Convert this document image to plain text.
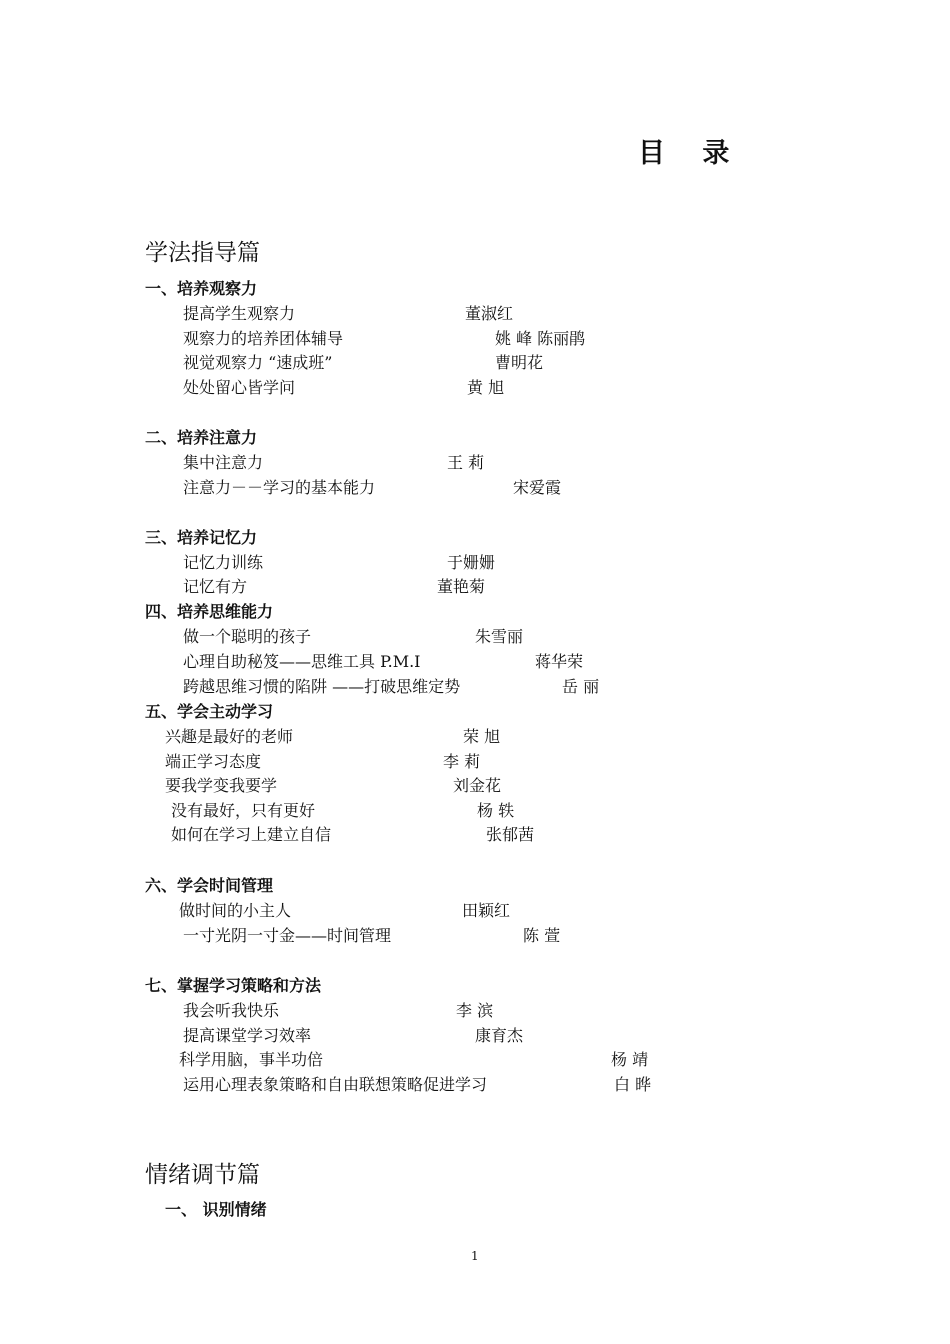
目 录
学法指导篇
一、培养观察力
提高学生观察力	董淑红
观察力的培养团体辅导	姚 峰 陈丽鹃
视觉观察力 “速成班”	曹明花
处处留心皆学问	黄 旭
二、培养注意力
集中注意力	王 莉
注意力－－学习的基本能力	宋爱霞
三、培养记忆力
记忆力训练	于姗姗
记忆有方	董艳菊
四、培养思维能力
做一个聪明的孩子	朱雪丽
心理自助秘笈——思维工具 P.M.I	蒋华荣
跨越思维习惯的陷阱 ——打破思维定势	岳 丽
五、学会主动学习
兴趣是最好的老师	荣 旭
端正学习态度	李 莉
要我学变我要学	刘金花
没有最好，只有更好	杨 轶
如何在学习上建立自信	张郁茜
六、学会时间管理
做时间的小主人	田颖红
一寸光阴一寸金——时间管理	陈 萱
七、掌握学习策略和方法
我会听我快乐	李 滨
提高课堂学习效率	康育杰
科学用脑，事半功倍	杨 靖
运用心理表象策略和自由联想策略促进学习	白 晔
情绪调节篇
一、 识别情绪
1
